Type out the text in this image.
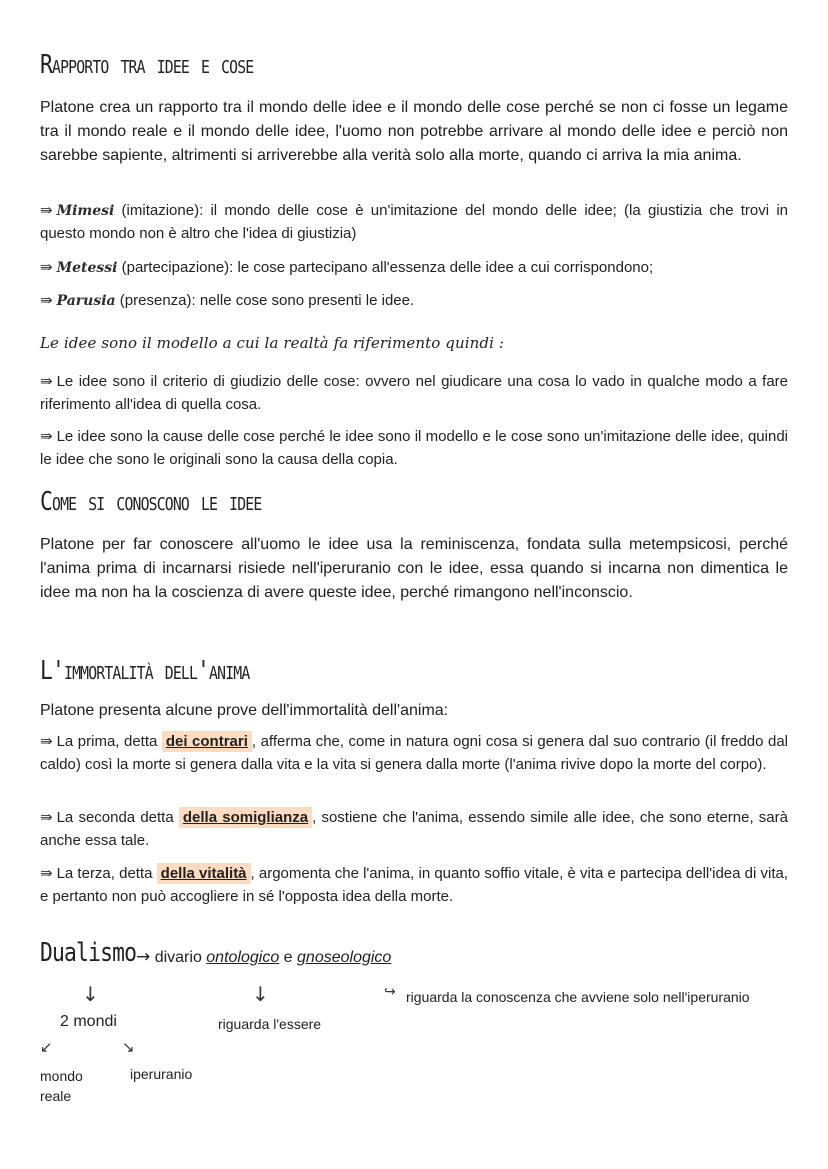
Rapporto tra idee e cose
Platone crea un rapporto tra il mondo delle idee e il mondo delle cose perché se non ci fosse un legame tra il mondo reale e il mondo delle idee, l'uomo non potrebbe arrivare al mondo delle idee e perciò non sarebbe sapiente, altrimenti si arriverebbe alla verità solo alla morte, quando ci arriva la mia anima.
⇛ Mimesi (imitazione): il mondo delle cose è un'imitazione del mondo delle idee; (la giustizia che trovi in questo mondo non è altro che l'idea di giustizia)
⇛ Metessi (partecipazione): le cose partecipano all'essenza delle idee a cui corrispondono;
⇛ Parusia (presenza): nelle cose sono presenti le idee.
Le idee sono il modello a cui la realtà fa riferimento quindi :
⇛ Le idee sono il criterio di giudizio delle cose: ovvero nel giudicare una cosa lo vado in qualche modo a fare riferimento all'idea di quella cosa.
⇛ Le idee sono la cause delle cose perché le idee sono il modello e le cose sono un'imitazione delle idee, quindi le idee che sono le originali sono la causa della copia.
Come si conoscono le idee
Platone per far conoscere all'uomo le idee usa la reminiscenza, fondata sulla metempsicosi, perché l'anima prima di incarnarsi risiede nell'iperuranio con le idee, essa quando si incarna non dimentica le idee ma non ha la coscienza di avere queste idee, perché rimangono nell'inconscio.
L'immortalità dell'anima
Platone presenta alcune prove dell'immortalità dell'anima:
⇛ La prima, detta dei contrari , afferma che, come in natura ogni cosa si genera dal suo contrario (il freddo dal caldo) così la morte si genera dalla vita e la vita si genera dalla morte (l'anima rivive dopo la morte del corpo).
⇛ La seconda detta della somiglianza , sostiene che l'anima, essendo simile alle idee, che sono eterne, sarà anche essa tale.
⇛ La terza, detta della vitalità , argomenta che l'anima, in quanto soffio vitale, è vita e partecipa dell'idea di vita, e pertanto non può accogliere in sé l'opposta idea della morte.
Dualismo → divario ontologico e gnoseologico
↓	↓	↪ riguarda la conoscenza che avviene solo nell'iperuranio
2 mondi	riguarda l'essere
↙	↘
mondo reale
iperuranio
